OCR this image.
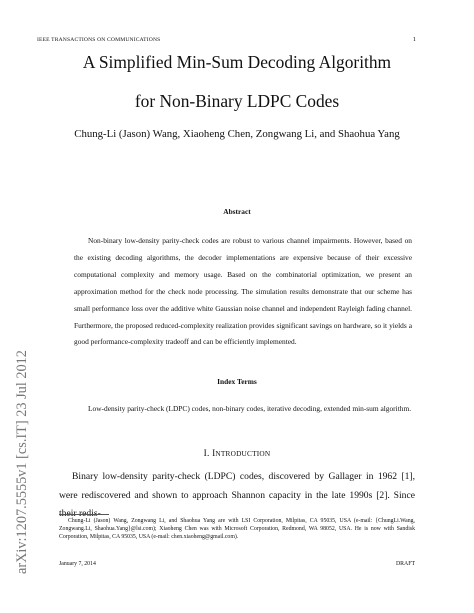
IEEE TRANSACTIONS ON COMMUNICATIONS	1
A Simplified Min-Sum Decoding Algorithm
for Non-Binary LDPC Codes
Chung-Li (Jason) Wang, Xiaoheng Chen, Zongwang Li, and Shaohua Yang
arXiv:1207.5555v1 [cs.IT] 23 Jul 2012
Abstract

Non-binary low-density parity-check codes are robust to various channel impairments. However, based on the existing decoding algorithms, the decoder implementations are expensive because of their excessive computational complexity and memory usage. Based on the combinatorial optimization, we present an approximation method for the check node processing. The simulation results demonstrate that our scheme has small performance loss over the additive white Gaussian noise channel and independent Rayleigh fading channel. Furthermore, the proposed reduced-complexity realization provides significant savings on hardware, so it yields a good performance-complexity tradeoff and can be efficiently implemented.

Index Terms

Low-density parity-check (LDPC) codes, non-binary codes, iterative decoding, extended min-sum algorithm.

I. INTRODUCTION

Binary low-density parity-check (LDPC) codes, discovered by Gallager in 1962 [1], were rediscovered and shown to approach Shannon capacity in the late 1990s [2]. Since their redis-

Chung-Li (Jason) Wang, Zongwang Li, and Shaohua Yang are with LSI Corporation, Milpitas, CA 95035, USA (e-mail: {ChungLi.Wang, Zongwang.Li, Shaohua.Yang}@lsi.com); Xiaoheng Chen was with Microsoft Corporation, Redmond, WA 98052, USA. He is now with Sandisk Corporation, Milpitas, CA 95035, USA (e-mail: chen.xiaoheng@gmail.com).

January 7, 2014	DRAFT
